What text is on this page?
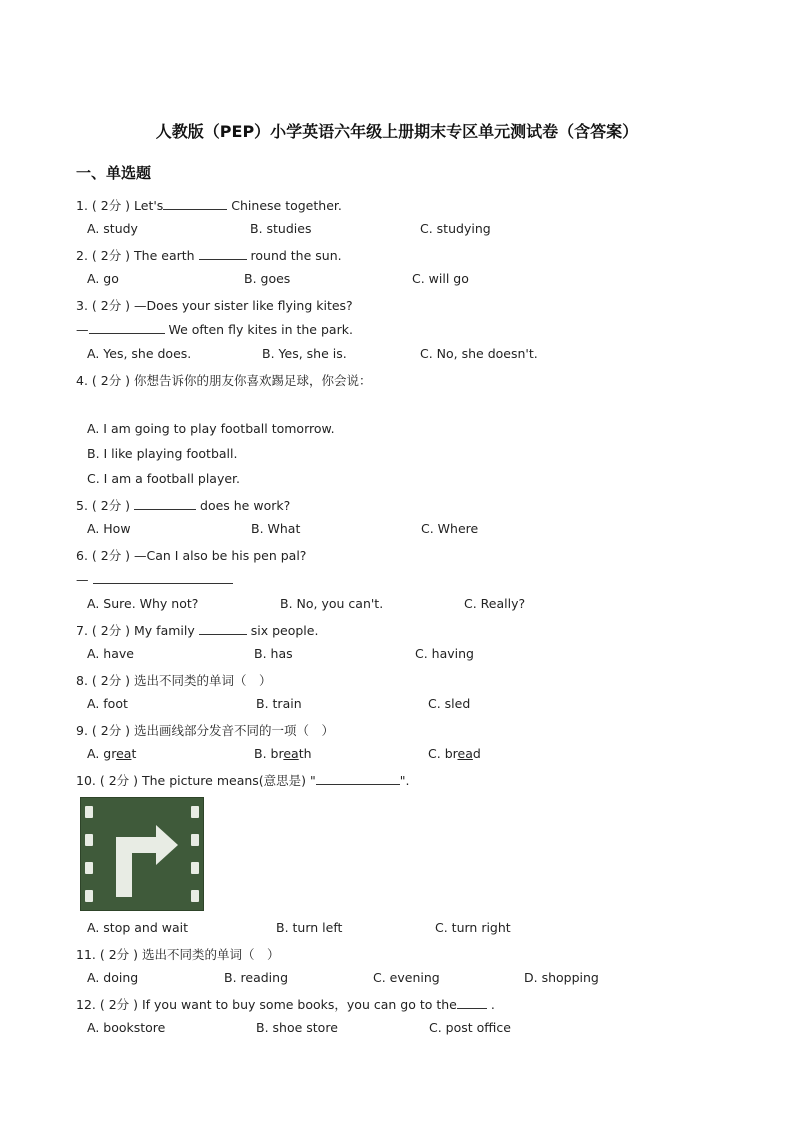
人教版（PEP）小学英语六年级上册期末专区单元测试卷（含答案）
一、单选题
1. ( 2分 ) Let's	Chinese together.
A. study	B. studies	C. studying
2. ( 2分 ) The earth	round the sun.
A. go	B. goes	C. will go
3. ( 2分 ) —Does your sister like flying kites?
—	We often fly kites in the park.
A. Yes, she does.	B. Yes, she is.	C. No, she doesn't.
4. ( 2分 ) 你想告诉你的朋友你喜欢踢足球，你会说：
A. I am going to play football tomorrow.
B. I like playing football.
C. I am a football player.
5. ( 2分 )	does he work?
A. How	B. What	C. Where
6. ( 2分 ) —Can I also be his pen pal?
—
A. Sure. Why not?	B. No, you can't.	C. Really?
7. ( 2分 ) My family	six people.
A. have	B. has	C. having
8. ( 2分 ) 选出不同类的单词（　）
A. foot	B. train	C. sled
9. ( 2分 ) 选出画线部分发音不同的一项（　）
A. great	B. breath	C. bread
10. ( 2分 ) The picture means(意思是) "	".
A. stop and wait	B. turn left	C. turn right
11. ( 2分 ) 选出不同类的单词（　）
A. doing	B. reading	C. evening	D. shopping
12. ( 2分 ) If you want to buy some books，you can go to the .
A. bookstore	B. shoe store	C. post office
